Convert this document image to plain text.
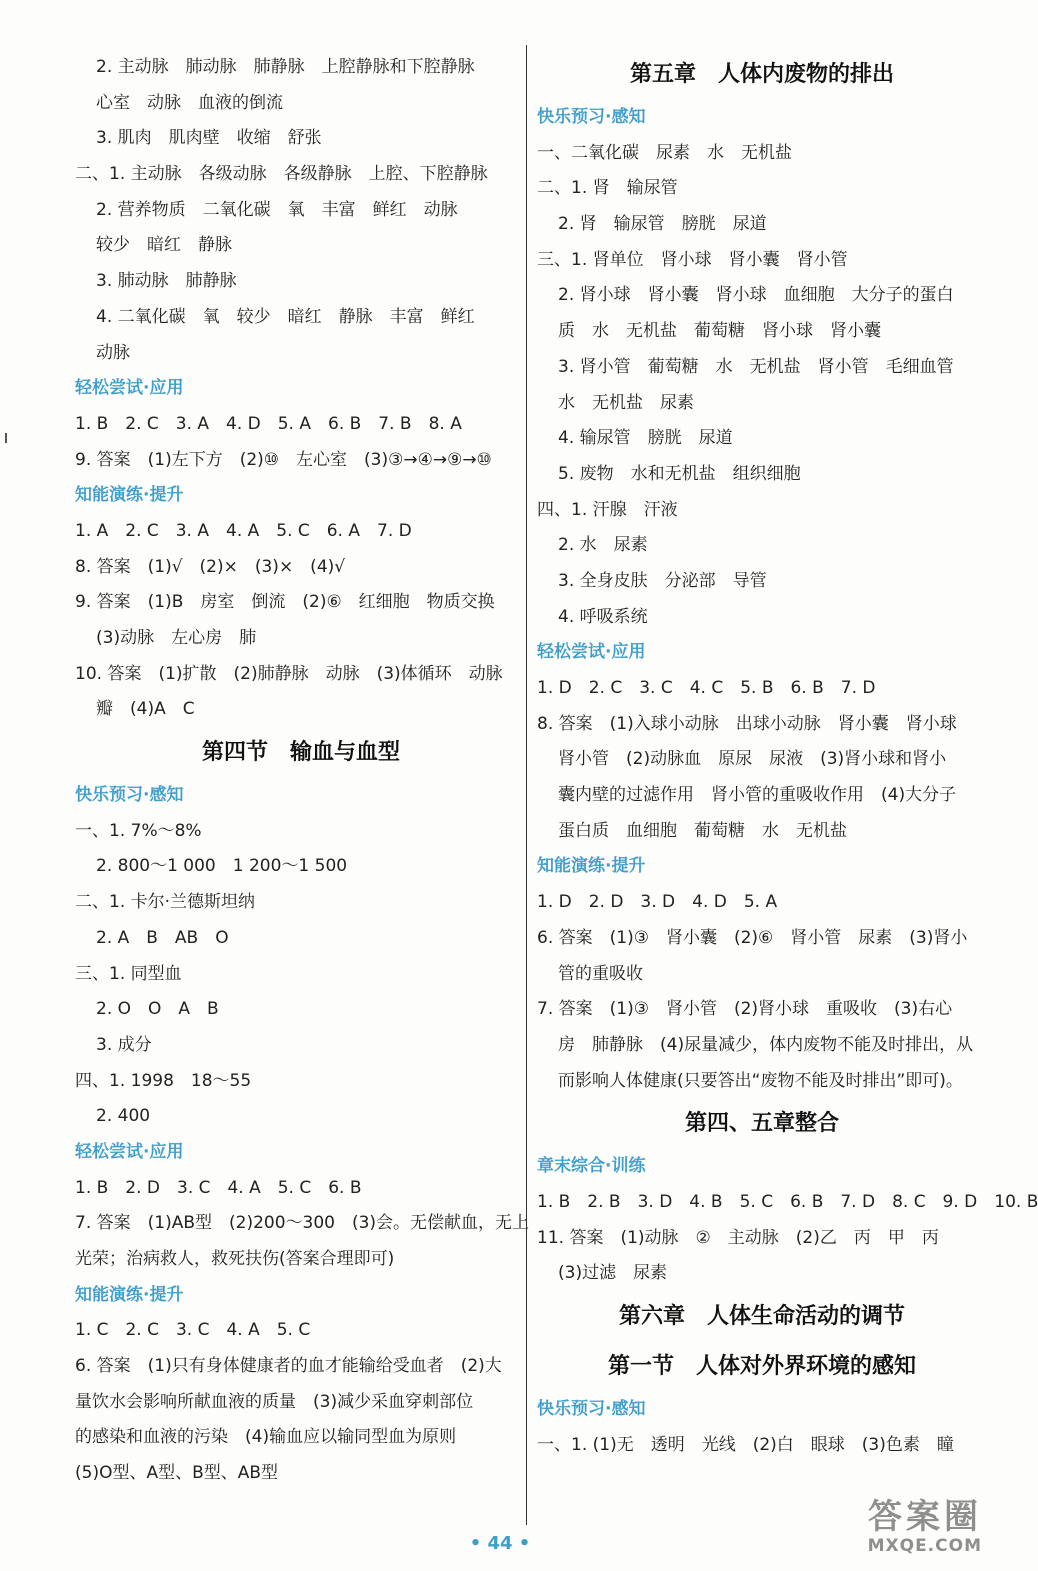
2. 主动脉　肺动脉　肺静脉　上腔静脉和下腔静脉
心室　动脉　血液的倒流
3. 肌肉　肌肉壁　收缩　舒张
二、1. 主动脉　各级动脉　各级静脉　上腔、下腔静脉
2. 营养物质　二氧化碳　氧　丰富　鲜红　动脉
较少　暗红　静脉
3. 肺动脉　肺静脉
4. 二氧化碳　氧　较少　暗红　静脉　丰富　鲜红
动脉
轻松尝试·应用
1. B　2. C　3. A　4. D　5. A　6. B　7. B　8. A
9. 答案　(1)左下方　(2)⑩　左心室　(3)③→④→⑨→⑩
知能演练·提升
1. A　2. C　3. A　4. A　5. C　6. A　7. D
8. 答案　(1)√　(2)×　(3)×　(4)√
9. 答案　(1)B　房室　倒流　(2)⑥　红细胞　物质交换
(3)动脉　左心房　肺
10. 答案　(1)扩散　(2)肺静脉　动脉　(3)体循环　动脉
瓣　(4)A　C
第四节　输血与血型
快乐预习·感知
一、1. 7%～8%
2. 800～1 000　1 200～1 500
二、1. 卡尔·兰德斯坦纳
2. A　B　AB　O
三、1. 同型血
2. O　O　A　B
3. 成分
四、1. 1998　18～55
2. 400
轻松尝试·应用
1. B　2. D　3. C　4. A　5. C　6. B
7. 答案　(1)AB型　(2)200～300　(3)会。无偿献血，无上
光荣；治病救人，救死扶伤(答案合理即可)
知能演练·提升
1. C　2. C　3. C　4. A　5. C
6. 答案　(1)只有身体健康者的血才能输给受血者　(2)大
量饮水会影响所献血液的质量　(3)减少采血穿刺部位
的感染和血液的污染　(4)输血应以输同型血为原则
(5)O型、A型、B型、AB型
第五章　人体内废物的排出
快乐预习·感知
一、二氧化碳　尿素　水　无机盐
二、1. 肾　输尿管
2. 肾　输尿管　膀胱　尿道
三、1. 肾单位　肾小球　肾小囊　肾小管
2. 肾小球　肾小囊　肾小球　血细胞　大分子的蛋白
质　水　无机盐　葡萄糖　肾小球　肾小囊
3. 肾小管　葡萄糖　水　无机盐　肾小管　毛细血管
水　无机盐　尿素
4. 输尿管　膀胱　尿道
5. 废物　水和无机盐　组织细胞
四、1. 汗腺　汗液
2. 水　尿素
3. 全身皮肤　分泌部　导管
4. 呼吸系统
轻松尝试·应用
1. D　2. C　3. C　4. C　5. B　6. B　7. D
8. 答案　(1)入球小动脉　出球小动脉　肾小囊　肾小球
肾小管　(2)动脉血　原尿　尿液　(3)肾小球和肾小
囊内壁的过滤作用　肾小管的重吸收作用　(4)大分子
蛋白质　血细胞　葡萄糖　水　无机盐
知能演练·提升
1. D　2. D　3. D　4. D　5. A
6. 答案　(1)③　肾小囊　(2)⑥　肾小管　尿素　(3)肾小
管的重吸收
7. 答案　(1)③　肾小管　(2)肾小球　重吸收　(3)右心
房　肺静脉　(4)尿量减少，体内废物不能及时排出，从
而影响人体健康(只要答出“废物不能及时排出”即可)。
第四、五章整合
章末综合·训练
1. B　2. B　3. D　4. B　5. C　6. B　7. D　8. C　9. D　10. B
11. 答案　(1)动脉　②　主动脉　(2)乙　丙　甲　丙
(3)过滤　尿素
第六章　人体生命活动的调节
第一节　人体对外界环境的感知
快乐预习·感知
一、1. (1)无　透明　光线　(2)白　眼球　(3)色素　瞳
• 44 •
答案圈
MXQE.COM
